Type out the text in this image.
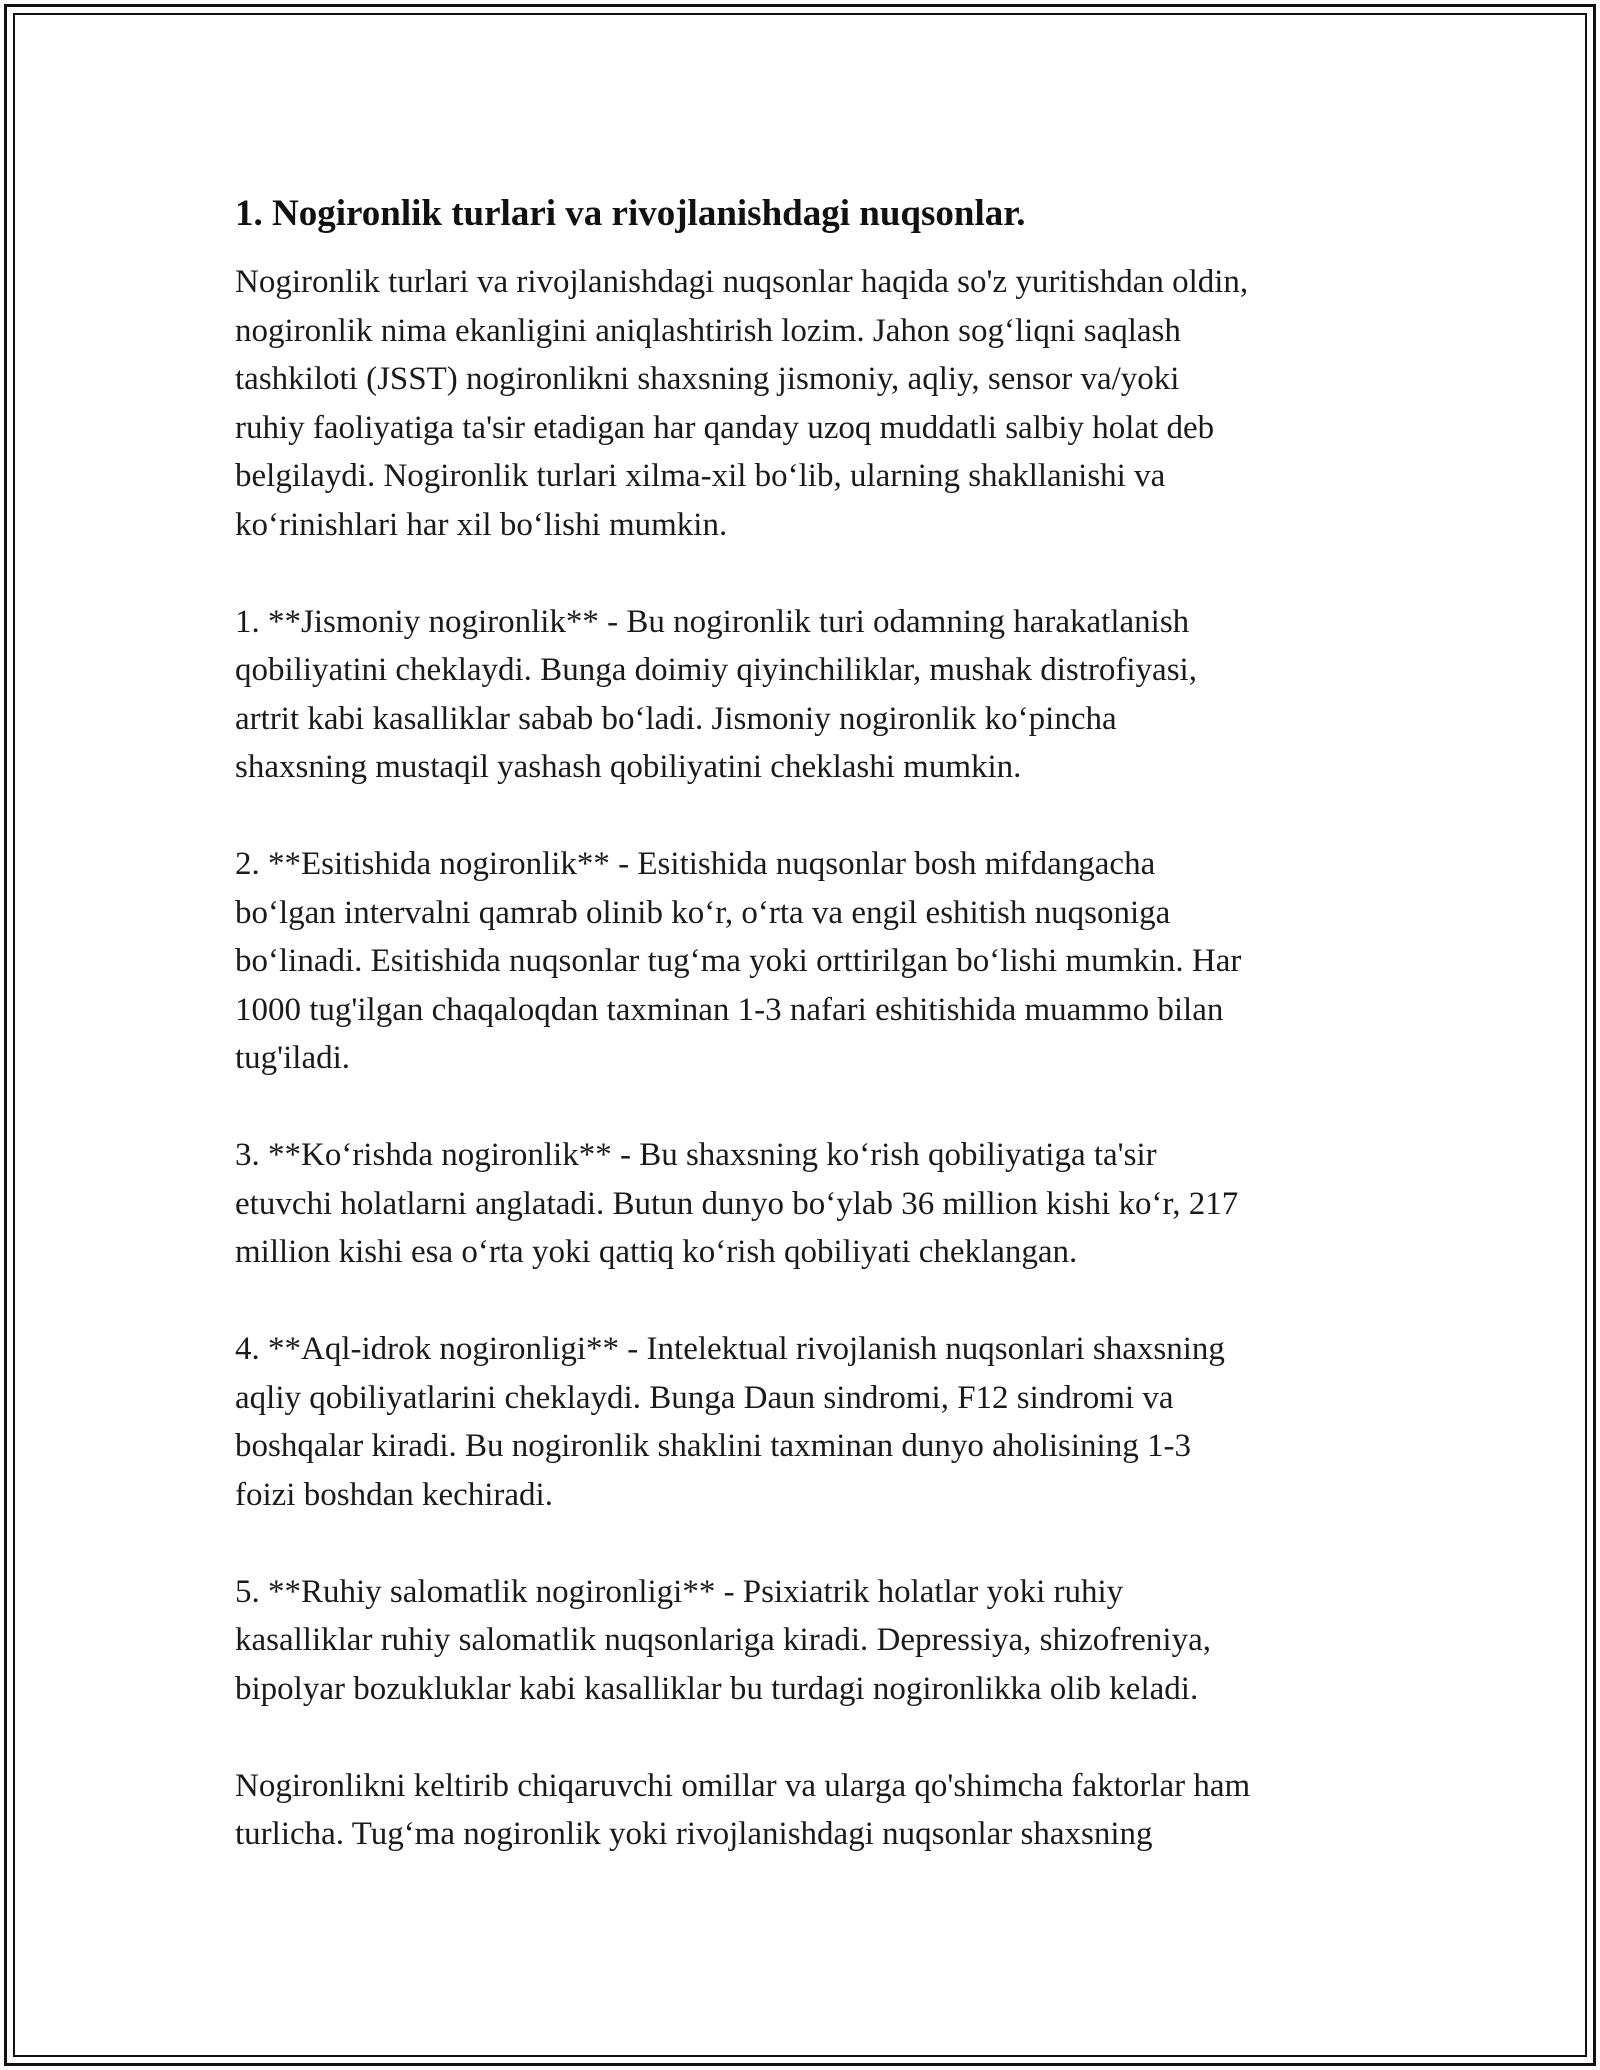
1. Nogironlik turlari va rivojlanishdagi nuqsonlar.

Nogironlik turlari va rivojlanishdagi nuqsonlar haqida so'z yuritishdan oldin,
nogironlik nima ekanligini aniqlashtirish lozim. Jahon sog‘liqni saqlash
tashkiloti (JSST) nogironlikni shaxsning jismoniy, aqliy, sensor va/yoki
ruhiy faoliyatiga ta'sir etadigan har qanday uzoq muddatli salbiy holat deb
belgilaydi. Nogironlik turlari xilma-xil bo‘lib, ularning shakllanishi va
ko‘rinishlari har xil bo‘lishi mumkin.

1. **Jismoniy nogironlik** - Bu nogironlik turi odamning harakatlanish
qobiliyatini cheklaydi. Bunga doimiy qiyinchiliklar, mushak distrofiyasi,
artrit kabi kasalliklar sabab bo‘ladi. Jismoniy nogironlik ko‘pincha
shaxsning mustaqil yashash qobiliyatini cheklashi mumkin.

2. **Esitishida nogironlik** - Esitishida nuqsonlar bosh mifdangacha
bo‘lgan intervalni qamrab olinib ko‘r, o‘rta va engil eshitish nuqsoniga
bo‘linadi. Esitishida nuqsonlar tug‘ma yoki orttirilgan bo‘lishi mumkin. Har
1000 tug'ilgan chaqaloqdan taxminan 1-3 nafari eshitishida muammo bilan
tug'iladi.

3. **Ko‘rishda nogironlik** - Bu shaxsning ko‘rish qobiliyatiga ta'sir
etuvchi holatlarni anglatadi. Butun dunyo bo‘ylab 36 million kishi ko‘r, 217
million kishi esa o‘rta yoki qattiq ko‘rish qobiliyati cheklangan.

4. **Aql-idrok nogironligi** - Intelektual rivojlanish nuqsonlari shaxsning
aqliy qobiliyatlarini cheklaydi. Bunga Daun sindromi, F12 sindromi va
boshqalar kiradi. Bu nogironlik shaklini taxminan dunyo aholisining 1-3
foizi boshdan kechiradi.

5. **Ruhiy salomatlik nogironligi** - Psixiatrik holatlar yoki ruhiy
kasalliklar ruhiy salomatlik nuqsonlariga kiradi. Depressiya, shizofreniya,
bipolyar bozukluklar kabi kasalliklar bu turdagi nogironlikka olib keladi.

Nogironlikni keltirib chiqaruvchi omillar va ularga qo'shimcha faktorlar ham
turlicha. Tug‘ma nogironlik yoki rivojlanishdagi nuqsonlar shaxsning
